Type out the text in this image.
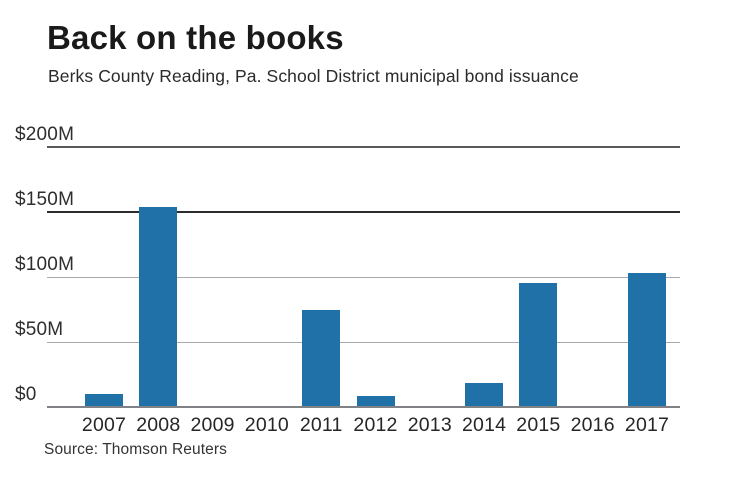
Back on the books
Berks County Reading, Pa. School District municipal bond issuance
$200M
$150M
$100M
$50M
$0
2007 2008 2009 2010 2011 2012 2013 2014 2015 2016 2017
Source: Thomson Reuters
